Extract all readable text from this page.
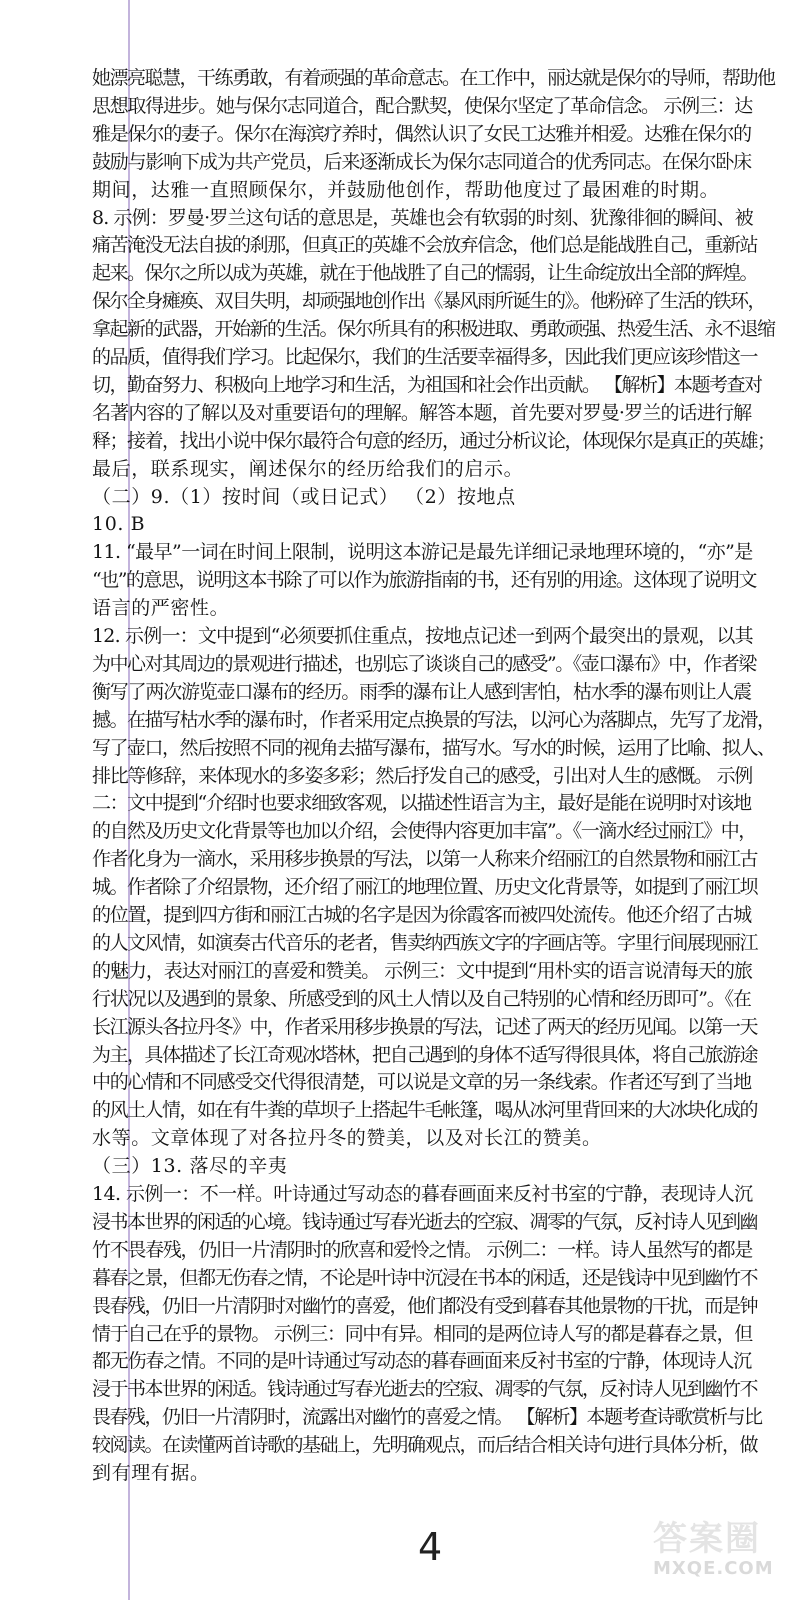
她漂亮聪慧，干练勇敢，有着顽强的革命意志。在工作中，丽达就是保尔的导师，帮助他

思想取得进步。她与保尔志同道合，配合默契，使保尔坚定了革命信念。 示例三：达

雅是保尔的妻子。保尔在海滨疗养时，偶然认识了女民工达雅并相爱。达雅在保尔的

鼓励与影响下成为共产党员，后来逐渐成长为保尔志同道合的优秀同志。在保尔卧床

期间，达雅一直照顾保尔，并鼓励他创作，帮助他度过了最困难的时期。

8. 示例：罗曼·罗兰这句话的意思是，英雄也会有软弱的时刻、犹豫徘徊的瞬间、被

痛苦淹没无法自拔的刹那，但真正的英雄不会放弃信念，他们总是能战胜自己，重新站

起来。保尔之所以成为英雄，就在于他战胜了自己的懦弱，让生命绽放出全部的辉煌。

保尔全身瘫痪、双目失明，却顽强地创作出《暴风雨所诞生的》。他粉碎了生活的铁环，

拿起新的武器，开始新的生活。保尔所具有的积极进取、勇敢顽强、热爱生活、永不退缩

的品质，值得我们学习。比起保尔，我们的生活要幸福得多，因此我们更应该珍惜这一

切，勤奋努力、积极向上地学习和生活，为祖国和社会作出贡献。 【解析】本题考查对

名著内容的了解以及对重要语句的理解。解答本题，首先要对罗曼·罗兰的话进行解

释；接着，找出小说中保尔最符合句意的经历，通过分析议论，体现保尔是真正的英雄；

最后，联系现实，阐述保尔的经历给我们的启示。

（二）9.（1）按时间（或日记式） （2）按地点

10. B

11. “最早”一词在时间上限制，说明这本游记是最先详细记录地理环境的，“亦”是

“也”的意思，说明这本书除了可以作为旅游指南的书，还有别的用途。这体现了说明文

语言的严密性。

12. 示例一：文中提到“必须要抓住重点，按地点记述一到两个最突出的景观，以其

为中心对其周边的景观进行描述，也别忘了谈谈自己的感受”。《壶口瀑布》中，作者梁

衡写了两次游览壶口瀑布的经历。雨季的瀑布让人感到害怕，枯水季的瀑布则让人震

撼。在描写枯水季的瀑布时，作者采用定点换景的写法，以河心为落脚点，先写了龙滑，

写了壶口，然后按照不同的视角去描写瀑布，描写水。写水的时候，运用了比喻、拟人、

排比等修辞，来体现水的多姿多彩；然后抒发自己的感受，引出对人生的感慨。 示例

二：文中提到“介绍时也要求细致客观，以描述性语言为主，最好是能在说明时对该地

的自然及历史文化背景等也加以介绍，会使得内容更加丰富”。《一滴水经过丽江》中，

作者化身为一滴水，采用移步换景的写法，以第一人称来介绍丽江的自然景物和丽江古

城。作者除了介绍景物，还介绍了丽江的地理位置、历史文化背景等，如提到了丽江坝

的位置，提到四方街和丽江古城的名字是因为徐霞客而被四处流传。他还介绍了古城

的人文风情，如演奏古代音乐的老者，售卖纳西族文字的字画店等。字里行间展现丽江

的魅力，表达对丽江的喜爱和赞美。 示例三：文中提到“用朴实的语言说清每天的旅

行状况以及遇到的景象、所感受到的风土人情以及自己特别的心情和经历即可”。《在

长江源头各拉丹冬》中，作者采用移步换景的写法，记述了两天的经历见闻。以第一天

为主，具体描述了长江奇观冰塔林，把自己遇到的身体不适写得很具体，将自己旅游途

中的心情和不同感受交代得很清楚，可以说是文章的另一条线索。作者还写到了当地

的风土人情，如在有牛粪的草坝子上搭起牛毛帐篷，喝从冰河里背回来的大冰块化成的

水等。文章体现了对各拉丹冬的赞美，以及对长江的赞美。

（三）13. 落尽的辛夷

14. 示例一：不一样。叶诗通过写动态的暮春画面来反衬书室的宁静，表现诗人沉

浸书本世界的闲适的心境。钱诗通过写春光逝去的空寂、凋零的气氛，反衬诗人见到幽

竹不畏春残，仍旧一片清阴时的欣喜和爱怜之情。 示例二：一样。诗人虽然写的都是

暮春之景，但都无伤春之情，不论是叶诗中沉浸在书本的闲适，还是钱诗中见到幽竹不

畏春残，仍旧一片清阴时对幽竹的喜爱，他们都没有受到暮春其他景物的干扰，而是钟

情于自己在乎的景物。 示例三：同中有异。相同的是两位诗人写的都是暮春之景，但

都无伤春之情。不同的是叶诗通过写动态的暮春画面来反衬书室的宁静，体现诗人沉

浸于书本世界的闲适。钱诗通过写春光逝去的空寂、凋零的气氛，反衬诗人见到幽竹不

畏春残，仍旧一片清阴时，流露出对幽竹的喜爱之情。 【解析】本题考查诗歌赏析与比

较阅读。在读懂两首诗歌的基础上，先明确观点，而后结合相关诗句进行具体分析，做

到有理有据。

4	答案圈
MXQE.COM
